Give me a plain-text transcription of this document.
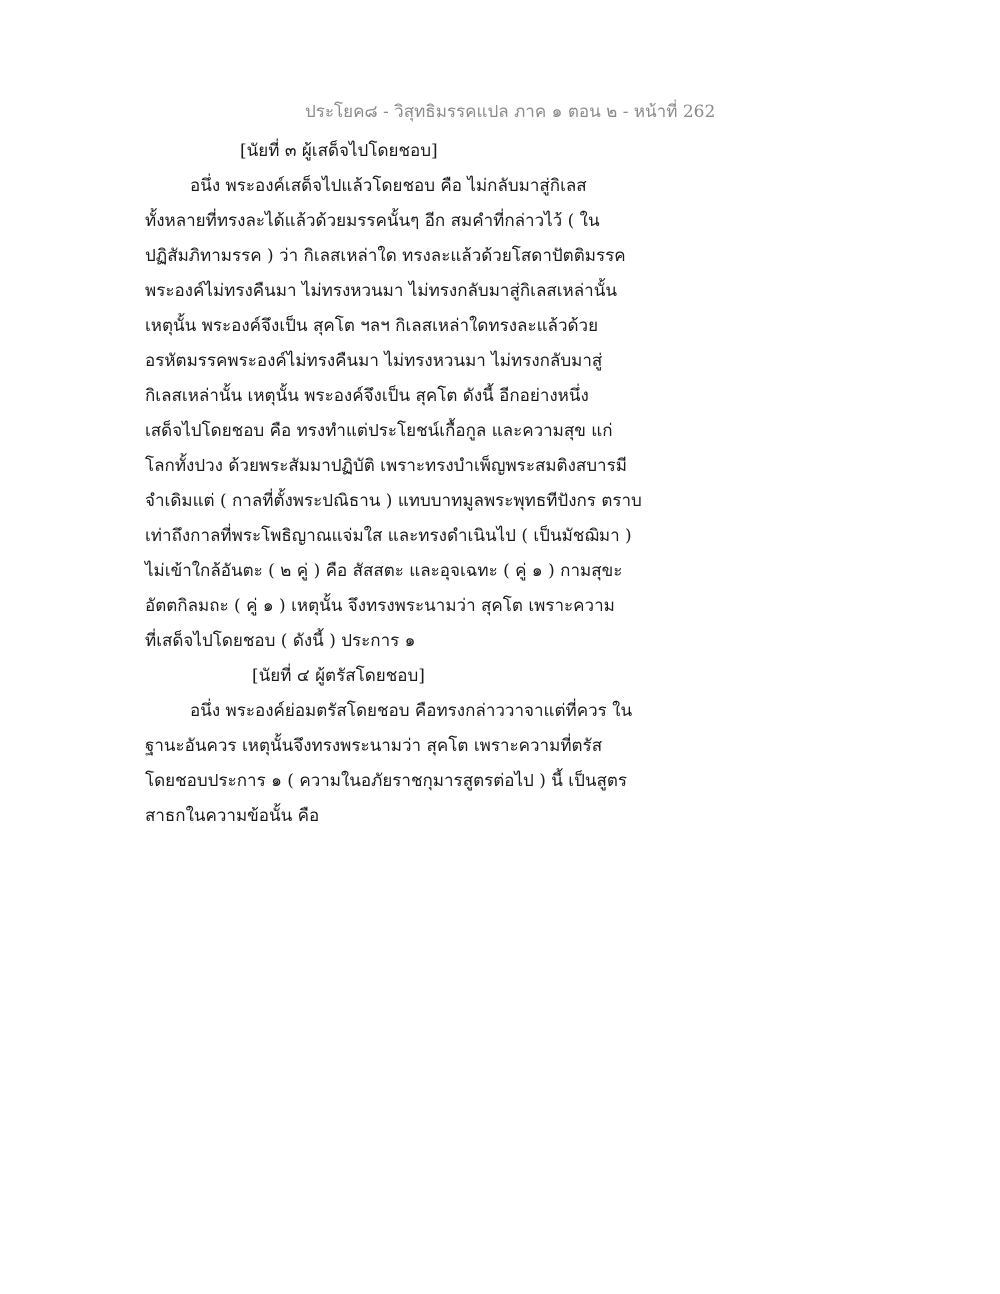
ประโยค๘ - วิสุทธิมรรคแปล ภาค ๑ ตอน ๒ - หน้าที่ 262
[นัยที่ ๓ ผู้เสด็จไปโดยชอบ]
อนึ่ง พระองค์เสด็จไปแล้วโดยชอบ คือ ไม่กลับมาสู่กิเลส
ทั้งหลายที่ทรงละได้แล้วด้วยมรรคนั้นๆ อีก สมคำที่กล่าวไว้ ( ใน
ปฏิสัมภิทามรรค ) ว่า กิเลสเหล่าใด ทรงละแล้วด้วยโสดาปัตติมรรค
พระองค์ไม่ทรงคืนมา ไม่ทรงหวนมา ไม่ทรงกลับมาสู่กิเลสเหล่านั้น
เหตุนั้น พระองค์จึงเป็น สุคโต ฯลฯ กิเลสเหล่าใดทรงละแล้วด้วย
อรหัตมรรคพระองค์ไม่ทรงคืนมา ไม่ทรงหวนมา ไม่ทรงกลับมาสู่
กิเลสเหล่านั้น เหตุนั้น พระองค์จึงเป็น สุคโต ดังนี้ อีกอย่างหนึ่ง
เสด็จไปโดยชอบ คือ ทรงทำแต่ประโยชน์เกื้อกูล และความสุข แก่
โลกทั้งปวง ด้วยพระสัมมาปฏิบัติ เพราะทรงบำเพ็ญพระสมติงสบารมี
จำเดิมแต่ ( กาลที่ตั้งพระปณิธาน ) แทบบาทมูลพระพุทธทีปังกร ตราบ
เท่าถึงกาลที่พระโพธิญาณแจ่มใส และทรงดำเนินไป ( เป็นมัชฌิมา )
ไม่เข้าใกล้อันตะ ( ๒ คู่ ) คือ สัสสตะ และอุจเฉทะ ( คู่ ๑ ) กามสุขะ
อัตตกิลมถะ ( คู่ ๑ ) เหตุนั้น จึงทรงพระนามว่า สุคโต เพราะความ
ที่เสด็จไปโดยชอบ ( ดังนี้ ) ประการ ๑
[นัยที่ ๔ ผู้ตรัสโดยชอบ]
อนึ่ง พระองค์ย่อมตรัสโดยชอบ คือทรงกล่าววาจาแต่ที่ควร ใน
ฐานะอันควร เหตุนั้นจึงทรงพระนามว่า สุคโต เพราะความที่ตรัส
โดยชอบประการ ๑ ( ความในอภัยราชกุมารสูตรต่อไป ) นี้ เป็นสูตร
สาธกในความข้อนั้น คือ
